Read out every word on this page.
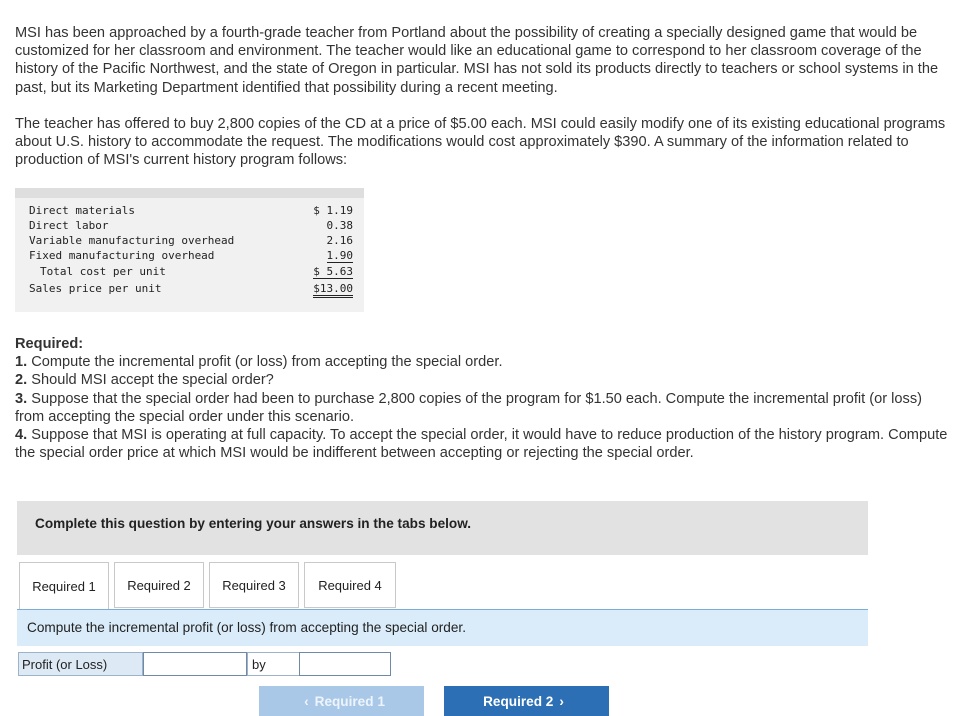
MSI has been approached by a fourth-grade teacher from Portland about the possibility of creating a specially designed game that would be customized for her classroom and environment. The teacher would like an educational game to correspond to her classroom coverage of the history of the Pacific Northwest, and the state of Oregon in particular. MSI has not sold its products directly to teachers or school systems in the past, but its Marketing Department identified that possibility during a recent meeting.

The teacher has offered to buy 2,800 copies of the CD at a price of $5.00 each. MSI could easily modify one of its existing educational programs about U.S. history to accommodate the request. The modifications would cost approximately $390. A summary of the information related to production of MSI's current history program follows:

Direct materials	$ 1.19
Direct labor	0.38
Variable manufacturing overhead	2.16
Fixed manufacturing overhead	1.90
Total cost per unit	$ 5.63
Sales price per unit	$13.00
Required:

1. Compute the incremental profit (or loss) from accepting the special order.

2. Should MSI accept the special order?

3. Suppose that the special order had been to purchase 2,800 copies of the program for $1.50 each. Compute the incremental profit (or loss) from accepting the special order under this scenario.

4. Suppose that MSI is operating at full capacity. To accept the special order, it would have to reduce production of the history program. Compute the special order price at which MSI would be indifferent between accepting or rejecting the special order.

Complete this question by entering your answers in the tabs below.
Required 1	Required 2	Required 3	Required 4
Compute the incremental profit (or loss) from accepting the special order.
Profit (or Loss)	by
‹ Required 1	Required 2 ›
